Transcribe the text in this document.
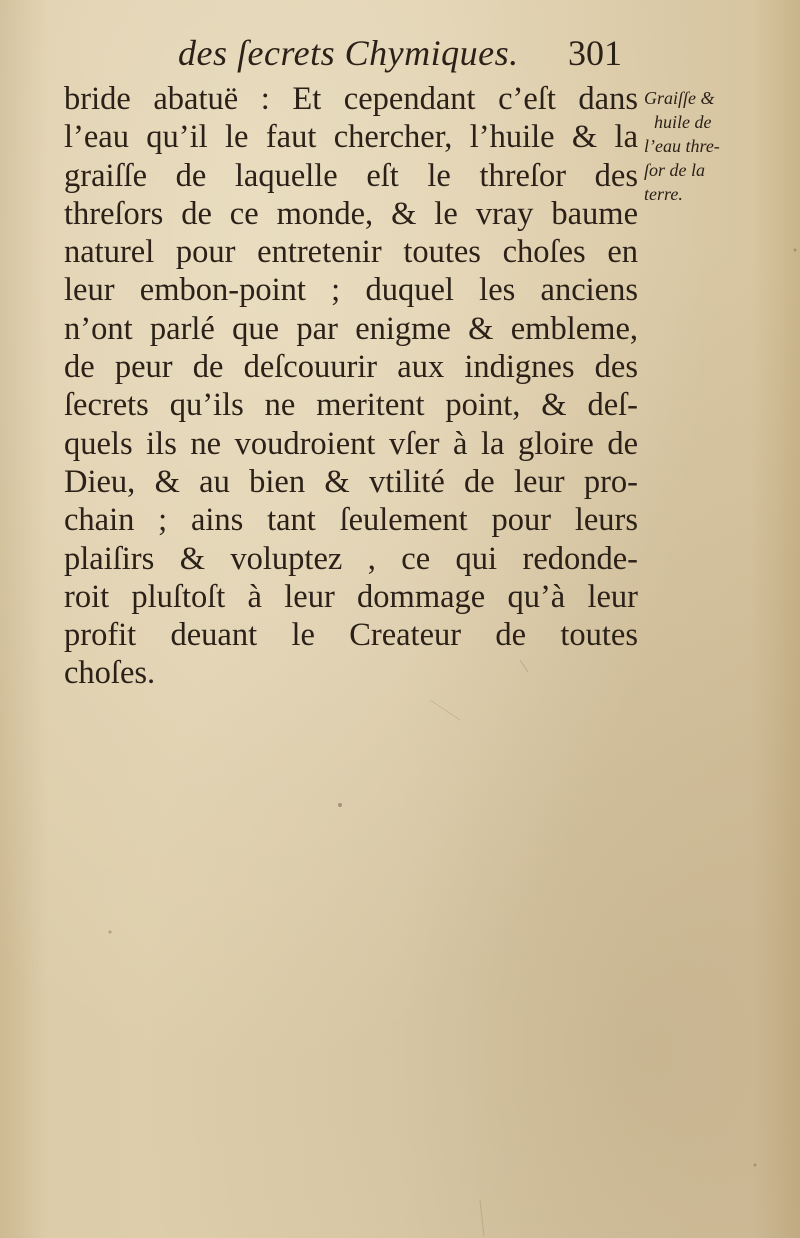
des ſecrets Chymiques. 301
bride abatuë : Et cependant c’eſt dans
l’eau qu’il le faut chercher, l’huile & la
graiſſe de laquelle eſt le threſor des
threſors de ce monde, & le vray baume
naturel pour entretenir toutes choſes en
leur embon-point ; duquel les anciens
n’ont parlé que par enigme & embleme,
de peur de deſcouurir aux indignes des
ſecrets qu’ils ne meritent point, & deſ-
quels ils ne voudroient vſer à la gloire de
Dieu, & au bien & vtilité de leur pro-
chain ; ains tant ſeulement pour leurs
plaiſirs & voluptez , ce qui redonde-
roit pluſtoſt à leur dommage qu’à leur
profit deuant le Createur de toutes
choſes.
Graiſſe &
huile de
l’eau thre-
ſor de la
terre.
